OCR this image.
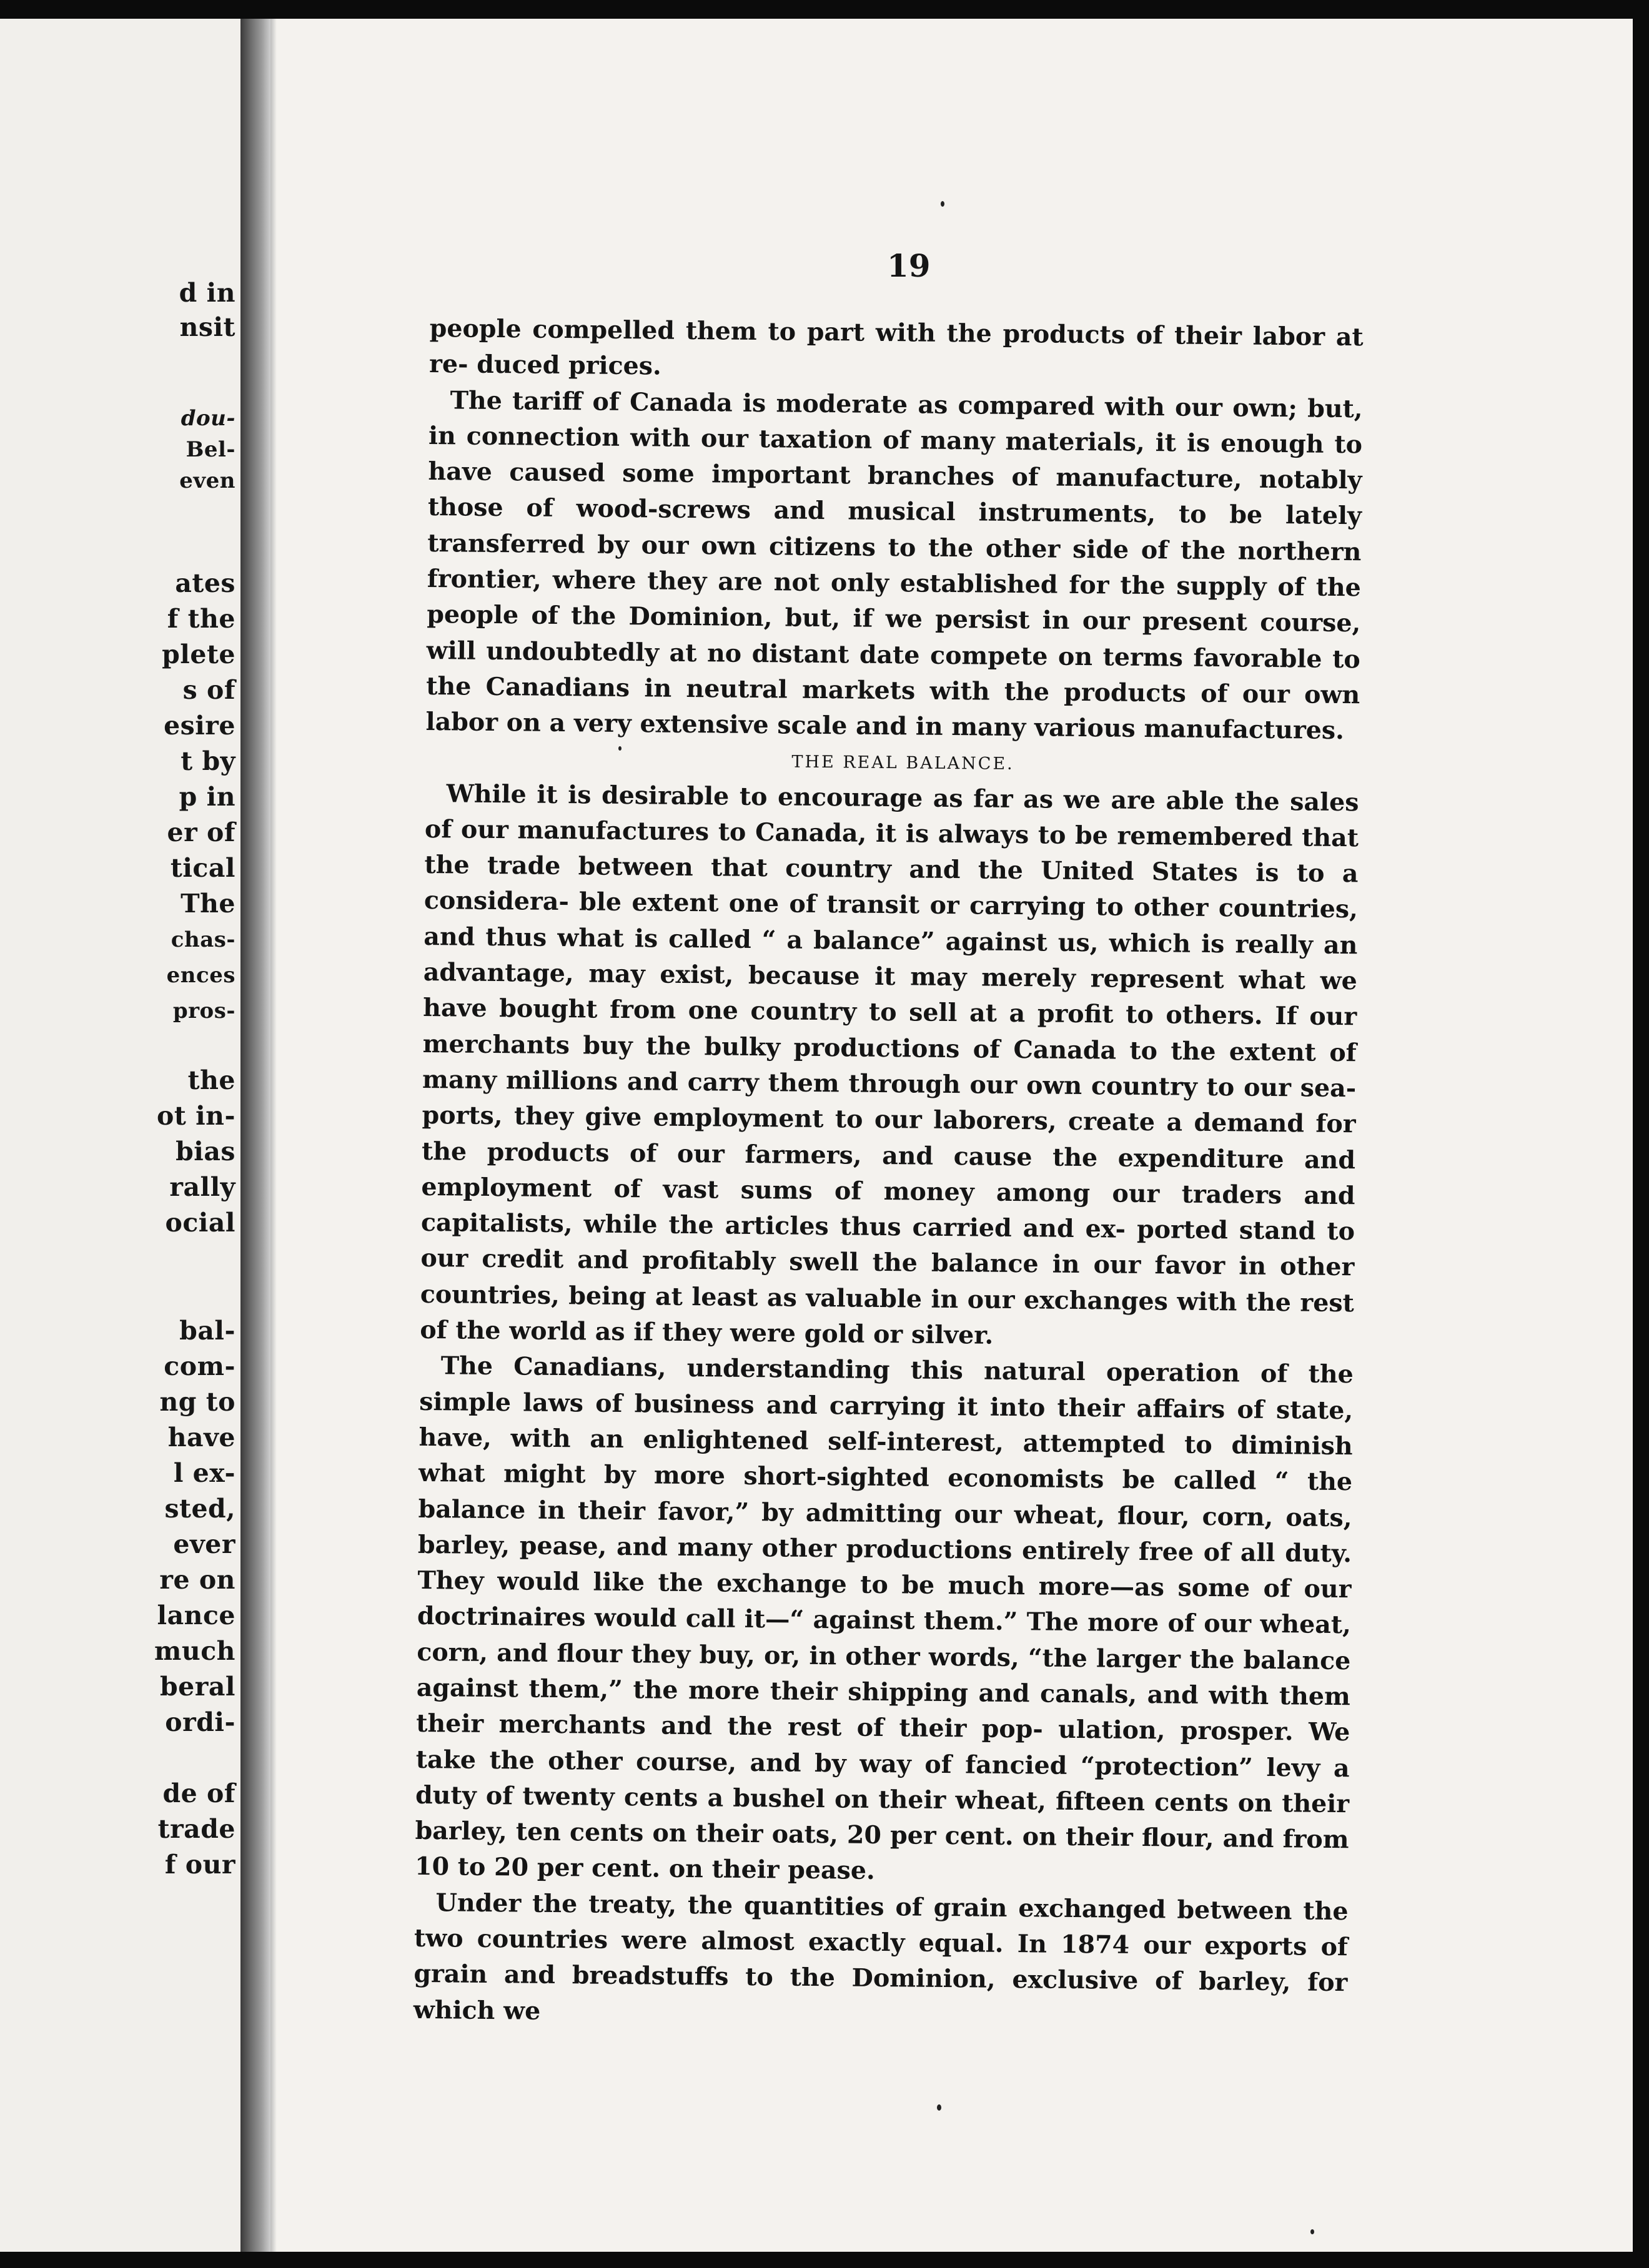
d in
nsit
dou-
Bel-
even
ates
f the
plete
s of
esire
t by
p in
er of
tical
The
chas-
ences
pros-
the
ot in-
bias
rally
ocial
bal-
com-
ng to
have
l ex-
sted,
ever
re on
lance
much
beral
ordi-
de of
trade
f our
19

people compelled them to part with the products of their labor at re- duced prices.

The tariff of Canada is moderate as compared with our own; but, in connection with our taxation of many materials, it is enough to have caused some important branches of manufacture, notably those of wood-screws and musical instruments, to be lately transferred by our own citizens to the other side of the northern frontier, where they are not only established for the supply of the people of the Dominion, but, if we persist in our present course, will undoubtedly at no distant date compete on terms favorable to the Canadians in neutral markets with the products of our own labor on a very extensive scale and in many various manufactures.

THE REAL BALANCE.

While it is desirable to encourage as far as we are able the sales of our manufactures to Canada, it is always to be remembered that the trade between that country and the United States is to a considera- ble extent one of transit or carrying to other countries, and thus what is called “ a balance” against us, which is really an advantage, may exist, because it may merely represent what we have bought from one country to sell at a profit to others. If our merchants buy the bulky productions of Canada to the extent of many millions and carry them through our own country to our sea-ports, they give employment to our laborers, create a demand for the products of our farmers, and cause the expenditure and employment of vast sums of money among our traders and capitalists, while the articles thus carried and ex- ported stand to our credit and profitably swell the balance in our favor in other countries, being at least as valuable in our exchanges with the rest of the world as if they were gold or silver.

The Canadians, understanding this natural operation of the simple laws of business and carrying it into their affairs of state, have, with an enlightened self-interest, attempted to diminish what might by more short-sighted economists be called “ the balance in their favor,” by admitting our wheat, flour, corn, oats, barley, pease, and many other productions entirely free of all duty. They would like the exchange to be much more—as some of our doctrinaires would call it—“ against them.” The more of our wheat, corn, and flour they buy, or, in other words, “the larger the balance against them,” the more their shipping and canals, and with them their merchants and the rest of their pop- ulation, prosper. We take the other course, and by way of fancied “protection” levy a duty of twenty cents a bushel on their wheat, fifteen cents on their barley, ten cents on their oats, 20 per cent. on their flour, and from 10 to 20 per cent. on their pease.

Under the treaty, the quantities of grain exchanged between the two countries were almost exactly equal. In 1874 our exports of grain and breadstuffs to the Dominion, exclusive of barley, for which we
